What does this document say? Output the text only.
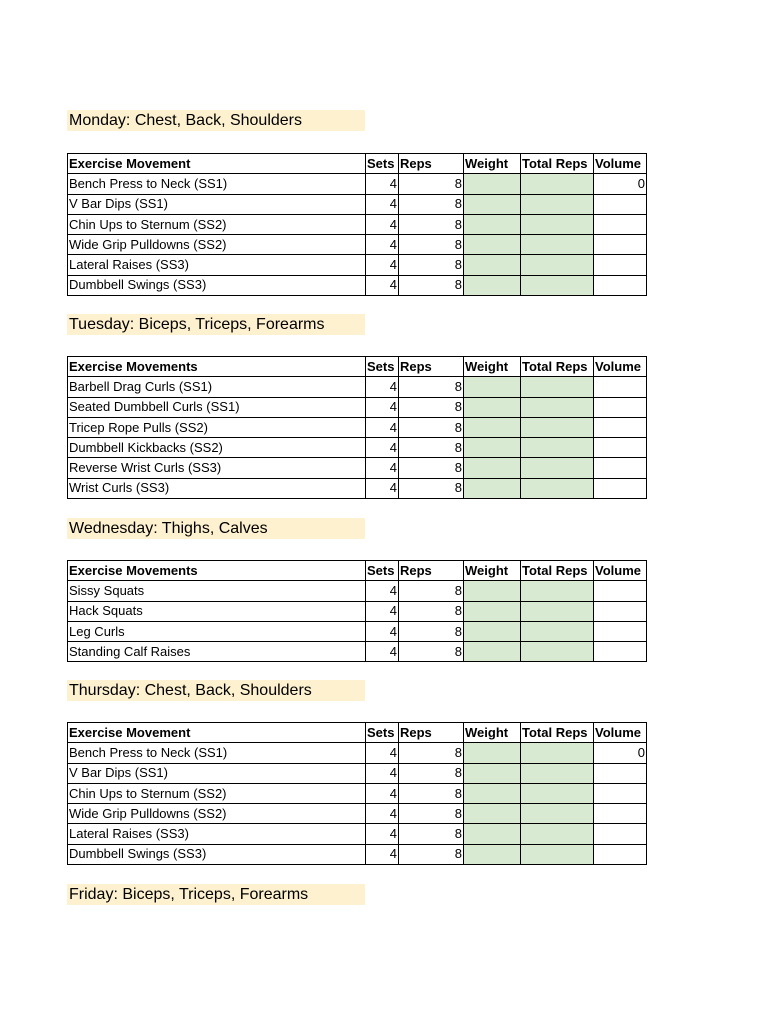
Monday: Chest, Back, Shoulders
Exercise Movement	Sets	Reps	Weight	Total Reps	Volume
Bench Press to Neck (SS1)	4	8			0
V Bar Dips (SS1)	4	8			
Chin Ups to Sternum (SS2)	4	8			
Wide Grip Pulldowns (SS2)	4	8			
Lateral Raises (SS3)	4	8			
Dumbbell Swings (SS3)	4	8			
Tuesday: Biceps, Triceps, Forearms
Exercise Movements	Sets	Reps	Weight	Total Reps	Volume
Barbell Drag Curls (SS1)	4	8			
Seated Dumbbell Curls (SS1)	4	8			
Tricep Rope Pulls (SS2)	4	8			
Dumbbell Kickbacks (SS2)	4	8			
Reverse Wrist Curls (SS3)	4	8			
Wrist Curls (SS3)	4	8			
Wednesday: Thighs, Calves
Exercise Movements	Sets	Reps	Weight	Total Reps	Volume
Sissy Squats	4	8			
Hack Squats	4	8			
Leg Curls	4	8			
Standing Calf Raises	4	8			
Thursday: Chest, Back, Shoulders
Exercise Movement	Sets	Reps	Weight	Total Reps	Volume
Bench Press to Neck (SS1)	4	8			0
V Bar Dips (SS1)	4	8			
Chin Ups to Sternum (SS2)	4	8			
Wide Grip Pulldowns (SS2)	4	8			
Lateral Raises (SS3)	4	8			
Dumbbell Swings (SS3)	4	8			
Friday: Biceps, Triceps, Forearms
